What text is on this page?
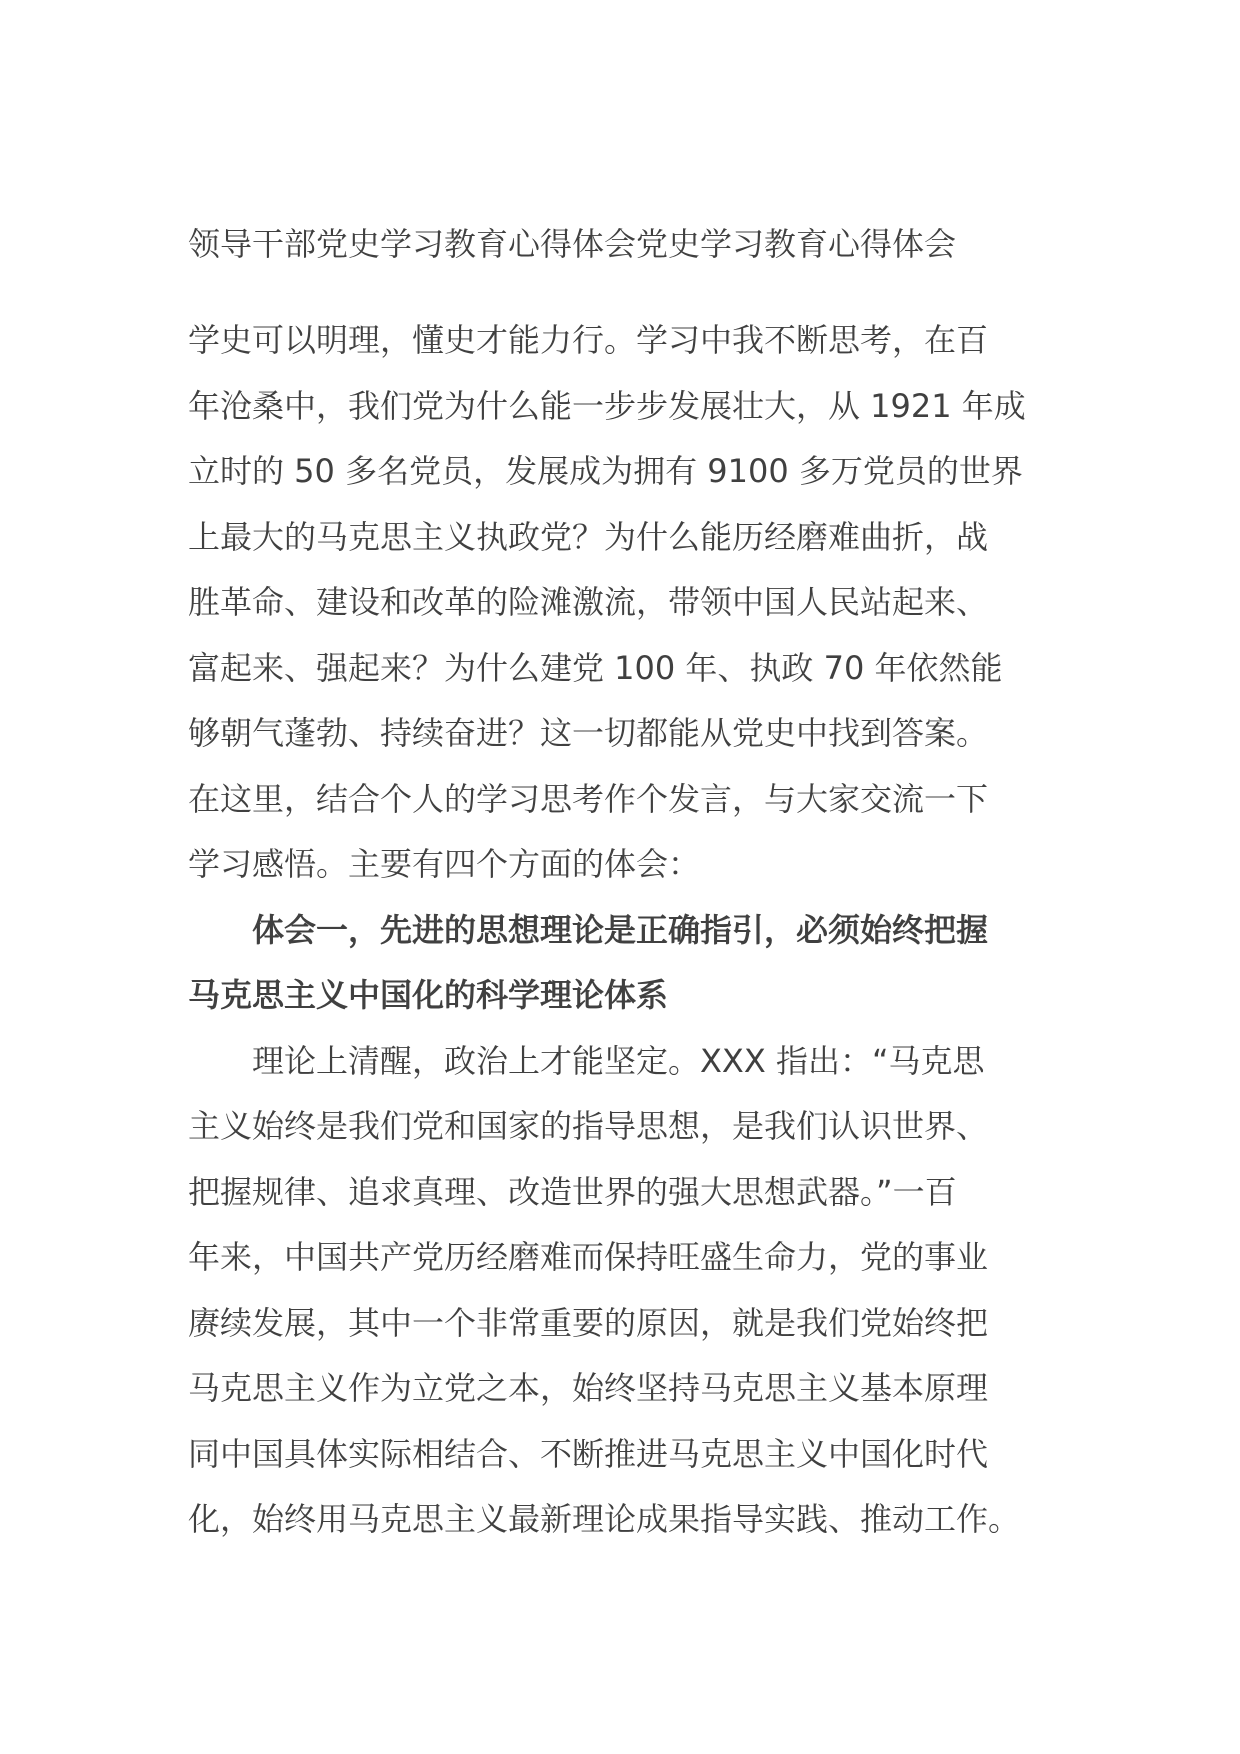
领导干部党史学习教育心得体会党史学习教育心得体会
学史可以明理，懂史才能力行。学习中我不断思考，在百
年沧桑中，我们党为什么能一步步发展壮大，从 1921 年成
立时的 50 多名党员，发展成为拥有 9100 多万党员的世界
上最大的马克思主义执政党？为什么能历经磨难曲折，战
胜革命、建设和改革的险滩激流，带领中国人民站起来、
富起来、强起来？为什么建党 100 年、执政 70 年依然能
够朝气蓬勃、持续奋进？这一切都能从党史中找到答案。
在这里，结合个人的学习思考作个发言，与大家交流一下
学习感悟。主要有四个方面的体会：
体会一，先进的思想理论是正确指引，必须始终把握
马克思主义中国化的科学理论体系
理论上清醒，政治上才能坚定。XXX 指出：“马克思
主义始终是我们党和国家的指导思想，是我们认识世界、
把握规律、追求真理、改造世界的强大思想武器。”一百
年来，中国共产党历经磨难而保持旺盛生命力，党的事业
赓续发展，其中一个非常重要的原因，就是我们党始终把
马克思主义作为立党之本，始终坚持马克思主义基本原理
同中国具体实际相结合、不断推进马克思主义中国化时代
化，始终用马克思主义最新理论成果指导实践、推动工作。
